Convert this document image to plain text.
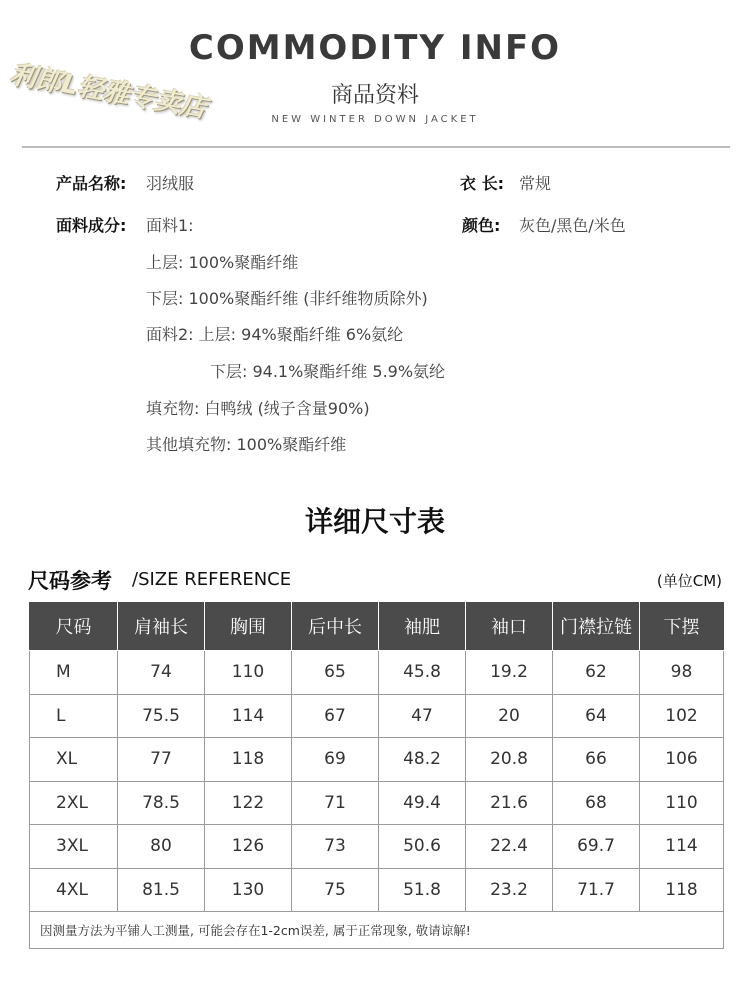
COMMODITY INFO
商品资料
NEW WINTER DOWN JACKET
利郎L轻雅专卖店
产品名称: 羽绒服	衣 长: 常规
面料成分: 面料1:	颜色: 灰色/黑色/米色
上层: 100%聚酯纤维
下层: 100%聚酯纤维 (非纤维物质除外)
面料2: 上层: 94%聚酯纤维 6%氨纶
下层: 94.1%聚酯纤维 5.9%氨纶
填充物: 白鸭绒 (绒子含量90%)
其他填充物: 100%聚酯纤维
详细尺寸表
尺码参考 /SIZE REFERENCE	(单位CM)
尺码	肩袖长	胸围	后中长	袖肥	袖口	门襟拉链	下摆
M	74	110	65	45.8	19.2	62	98
L	75.5	114	67	47	20	64	102
XL	77	118	69	48.2	20.8	66	106
2XL	78.5	122	71	49.4	21.6	68	110
3XL	80	126	73	50.6	22.4	69.7	114
4XL	81.5	130	75	51.8	23.2	71.7	118
因测量方法为平铺人工测量, 可能会存在1-2cm误差, 属于正常现象, 敬请谅解!							
